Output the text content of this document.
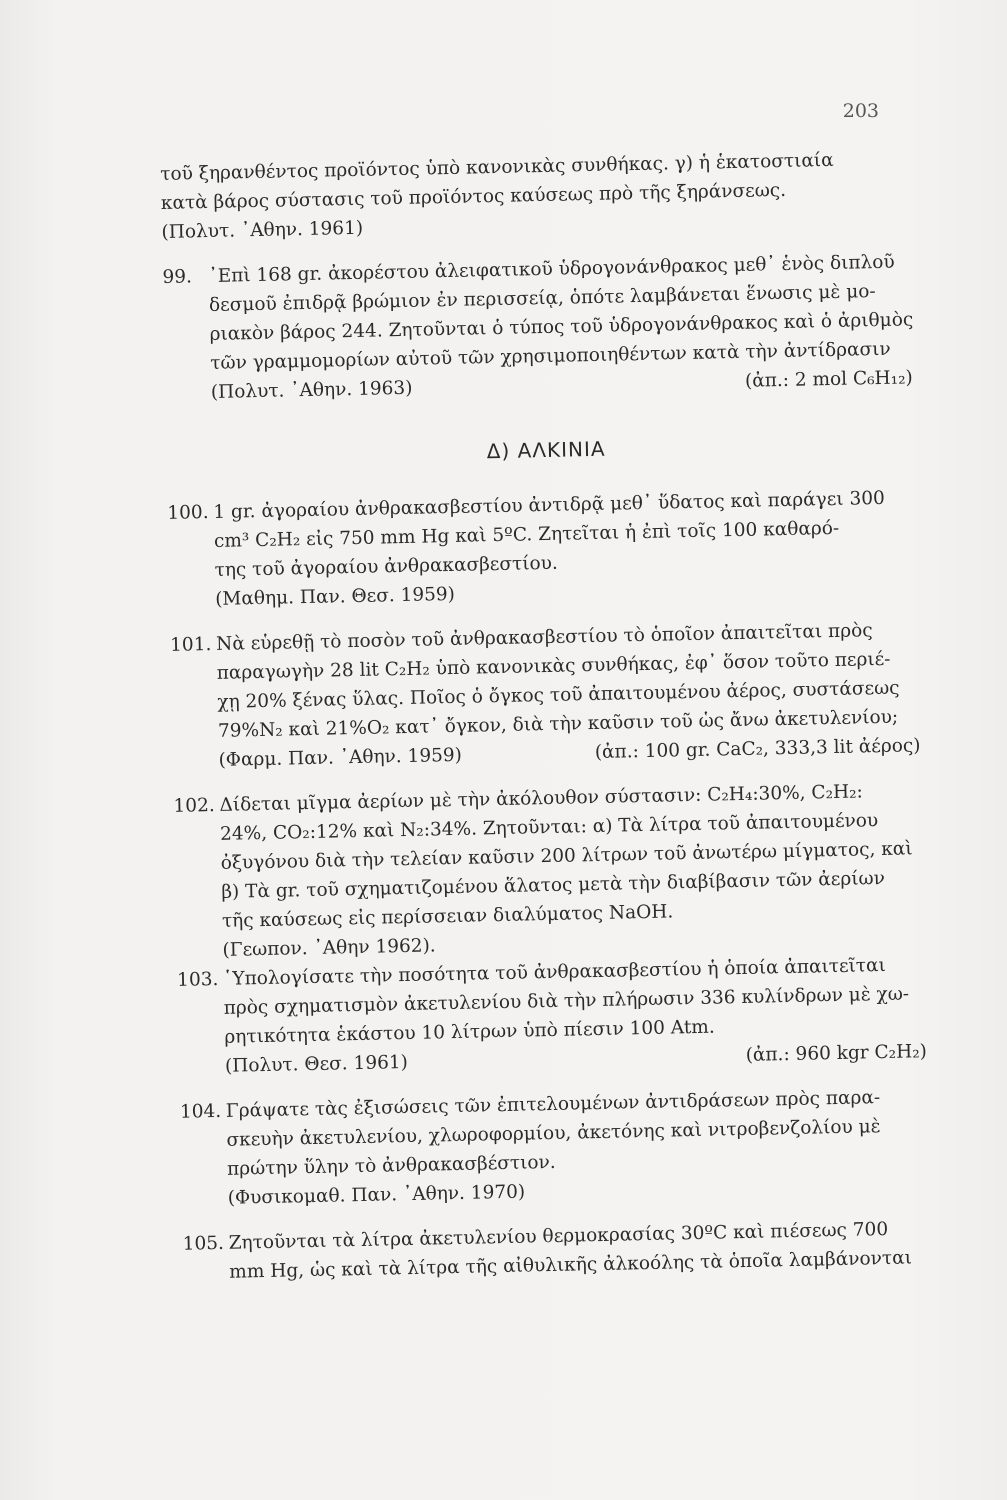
203
τοῦ ξηρανθέντος προϊόντος ὑπὸ κανονικὰς συνθήκας. γ) ἡ ἑκατοστιαία
κατὰ βάρος σύστασις τοῦ προϊόντος καύσεως πρὸ τῆς ξηράνσεως.
(Πολυτ. ᾿Αθην. 1961)
99. ᾿Επὶ 168 gr. ἀκορέστου ἀλειφατικοῦ ὑδρογονάνθρακος μεθ᾿ ἑνὸς διπλοῦ
δεσμοῦ ἐπιδρᾷ βρώμιον ἐν περισσείᾳ, ὁπότε λαμβάνεται ἕνωσις μὲ μο-
ριακὸν βάρος 244. Ζητοῦνται ὁ τύπος τοῦ ὑδρογονάνθρακος καὶ ὁ ἀριθμὸς
τῶν γραμμομορίων αὐτοῦ τῶν χρησιμοποιηθέντων κατὰ τὴν ἀντίδρασιν
(Πολυτ. ᾿Αθην. 1963)	(ἀπ.: 2 mol C₆H₁₂)
Δ) ΑΛΚΙΝΙΑ
100. 1 gr. ἀγοραίου ἀνθρακασβεστίου ἀντιδρᾷ μεθ᾿ ὕδατος καὶ παράγει 300
cm³ C₂H₂ εἰς 750 mm Hg καὶ 5ºC. Ζητεῖται ἡ ἐπὶ τοῖς 100 καθαρό-
της τοῦ ἀγοραίου ἀνθρακασβεστίου.
(Μαθημ. Παν. Θεσ. 1959)
101. Νὰ εὑρεθῇ τὸ ποσὸν τοῦ ἀνθρακασβεστίου τὸ ὁποῖον ἀπαιτεῖται πρὸς
παραγωγὴν 28 lit C₂H₂ ὑπὸ κανονικὰς συνθήκας, ἐφ᾿ ὅσον τοῦτο περιέ-
χῃ 20% ξένας ὕλας. Ποῖος ὁ ὄγκος τοῦ ἀπαιτουμένου ἀέρος, συστάσεως
79%N₂ καὶ 21%O₂ κατ᾿ ὄγκον, διὰ τὴν καῦσιν τοῦ ὡς ἄνω ἀκετυλενίου;
(Φαρμ. Παν. ᾿Αθην. 1959)	(ἀπ.: 100 gr. CaC₂, 333,3 lit ἀέρος)
102. Δίδεται μῖγμα ἀερίων μὲ τὴν ἀκόλουθον σύστασιν: C₂H₄:30%, C₂H₂:
24%, CO₂:12% καὶ N₂:34%. Ζητοῦνται: α) Τὰ λίτρα τοῦ ἀπαιτουμένου
ὀξυγόνου διὰ τὴν τελείαν καῦσιν 200 λίτρων τοῦ ἀνωτέρω μίγματος, καὶ
β) Τὰ gr. τοῦ σχηματιζομένου ἅλατος μετὰ τὴν διαβίβασιν τῶν ἀερίων
τῆς καύσεως εἰς περίσσειαν διαλύματος NaOH.
(Γεωπον. ᾿Αθην 1962).
103. ῾Υπολογίσατε τὴν ποσότητα τοῦ ἀνθρακασβεστίου ἡ ὁποία ἀπαιτεῖται
πρὸς σχηματισμὸν ἀκετυλενίου διὰ τὴν πλήρωσιν 336 κυλίνδρων μὲ χω-
ρητικότητα ἑκάστου 10 λίτρων ὑπὸ πίεσιν 100 Atm.
(Πολυτ. Θεσ. 1961)	(ἀπ.: 960 kgr C₂H₂)
104. Γράψατε τὰς ἐξισώσεις τῶν ἐπιτελουμένων ἀντιδράσεων πρὸς παρα-
σκευὴν ἀκετυλενίου, χλωροφορμίου, ἀκετόνης καὶ νιτροβενζολίου μὲ
πρώτην ὕλην τὸ ἀνθρακασβέστιον.
(Φυσικομαθ. Παν. ᾿Αθην. 1970)
105. Ζητοῦνται τὰ λίτρα ἀκετυλενίου θερμοκρασίας 30ºC καὶ πιέσεως 700
mm Hg, ὡς καὶ τὰ λίτρα τῆς αἰθυλικῆς ἀλκοόλης τὰ ὁποῖα λαμβάνονται
